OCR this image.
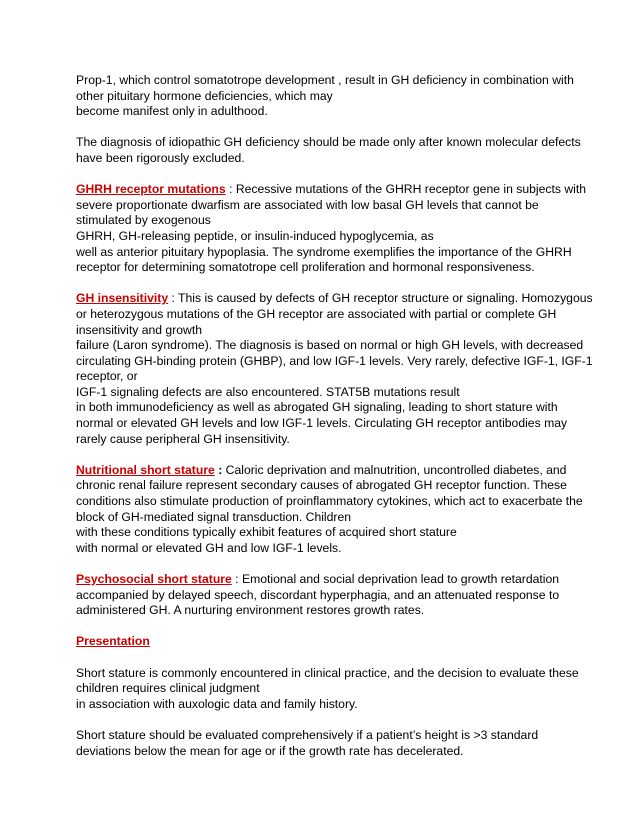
Prop-1, which control somatotrope development , result in GH deficiency in combination with
other pituitary hormone deficiencies, which may
become manifest only in adulthood.

The diagnosis of idiopathic GH deficiency should be made only after known molecular defects
have been rigorously excluded.

GHRH receptor mutations : Recessive mutations of the GHRH receptor gene in subjects with
severe proportionate dwarfism are associated with low basal GH levels that cannot be
stimulated by exogenous
GHRH, GH-releasing peptide, or insulin-induced hypoglycemia, as
well as anterior pituitary hypoplasia. The syndrome exemplifies the importance of the GHRH
receptor for determining somatotrope cell proliferation and hormonal responsiveness.

GH insensitivity : This is caused by defects of GH receptor structure or signaling. Homozygous
or heterozygous mutations of the GH receptor are associated with partial or complete GH
insensitivity and growth
failure (Laron syndrome). The diagnosis is based on normal or high GH levels, with decreased
circulating GH-binding protein (GHBP), and low IGF-1 levels. Very rarely, defective IGF-1, IGF-1
receptor, or
IGF-1 signaling defects are also encountered. STAT5B mutations result
in both immunodeficiency as well as abrogated GH signaling, leading to short stature with
normal or elevated GH levels and low IGF-1 levels. Circulating GH receptor antibodies may
rarely cause peripheral GH insensitivity.

Nutritional short stature : Caloric deprivation and malnutrition, uncontrolled diabetes, and
chronic renal failure represent secondary causes of abrogated GH receptor function. These
conditions also stimulate production of proinflammatory cytokines, which act to exacerbate the
block of GH-mediated signal transduction. Children
with these conditions typically exhibit features of acquired short stature
with normal or elevated GH and low IGF-1 levels.

Psychosocial short stature : Emotional and social deprivation lead to growth retardation
accompanied by delayed speech, discordant hyperphagia, and an attenuated response to
administered GH. A nurturing environment restores growth rates.

Presentation

Short stature is commonly encountered in clinical practice, and the decision to evaluate these
children requires clinical judgment
in association with auxologic data and family history.

Short stature should be evaluated comprehensively if a patient’s height is >3 standard
deviations below the mean for age or if the growth rate has decelerated.
